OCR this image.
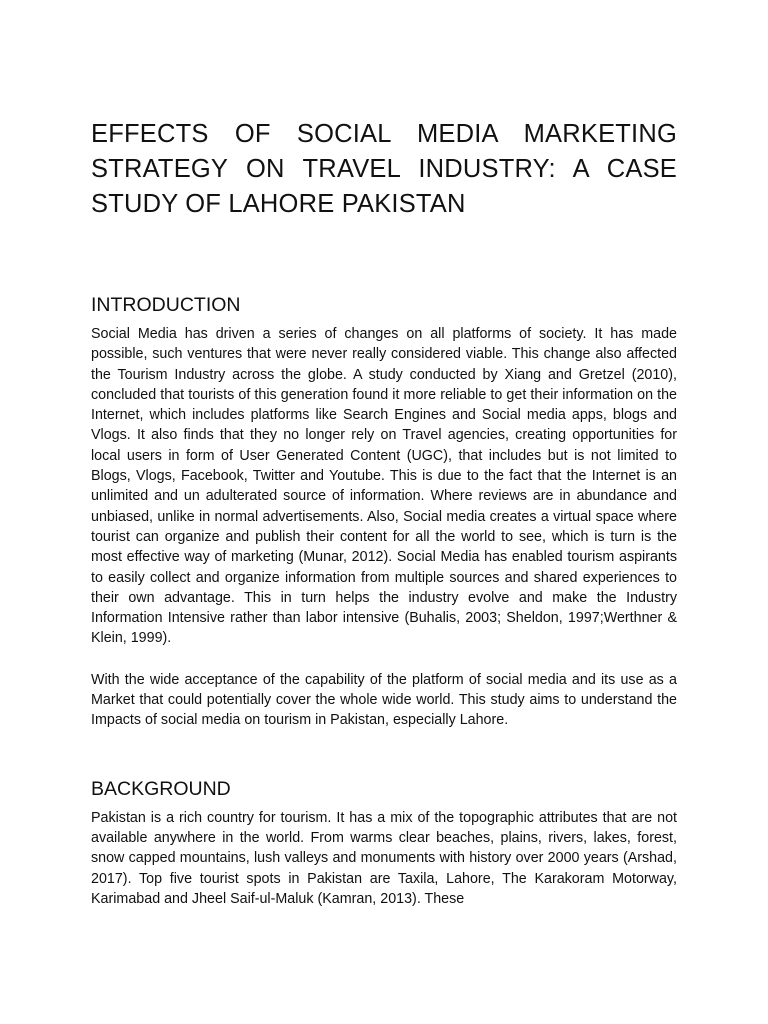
EFFECTS OF SOCIAL MEDIA MARKETING STRATEGY ON TRAVEL INDUSTRY: A CASE STUDY OF LAHORE PAKISTAN
INTRODUCTION

Social Media has driven a series of changes on all platforms of society. It has made possible, such ventures that were never really considered viable. This change also affected the Tourism Industry across the globe. A study conducted by Xiang and Gretzel (2010), concluded that tourists of this generation found it more reliable to get their information on the Internet, which includes platforms like Search Engines and Social media apps, blogs and Vlogs. It also finds that they no longer rely on Travel agencies, creating opportunities for local users in form of User Generated Content (UGC), that includes but is not limited to Blogs, Vlogs, Facebook, Twitter and Youtube. This is due to the fact that the Internet is an unlimited and un adulterated source of information. Where reviews are in abundance and unbiased, unlike in normal advertisements. Also, Social media creates a virtual space where tourist can organize and publish their content for all the world to see, which is turn is the most effective way of marketing (Munar, 2012). Social Media has enabled tourism aspirants to easily collect and organize information from multiple sources and shared experiences to their own advantage. This in turn helps the industry evolve and make the Industry Information Intensive rather than labor intensive (Buhalis, 2003; Sheldon, 1997;Werthner & Klein, 1999).

With the wide acceptance of the capability of the platform of social media and its use as a Market that could potentially cover the whole wide world. This study aims to understand the Impacts of social media on tourism in Pakistan, especially Lahore.

BACKGROUND

Pakistan is a rich country for tourism. It has a mix of the topographic attributes that are not available anywhere in the world. From warms clear beaches, plains, rivers, lakes, forest, snow capped mountains, lush valleys and monuments with history over 2000 years (Arshad, 2017). Top five tourist spots in Pakistan are Taxila, Lahore, The Karakoram Motorway, Karimabad and Jheel Saif-ul-Maluk (Kamran, 2013). These
